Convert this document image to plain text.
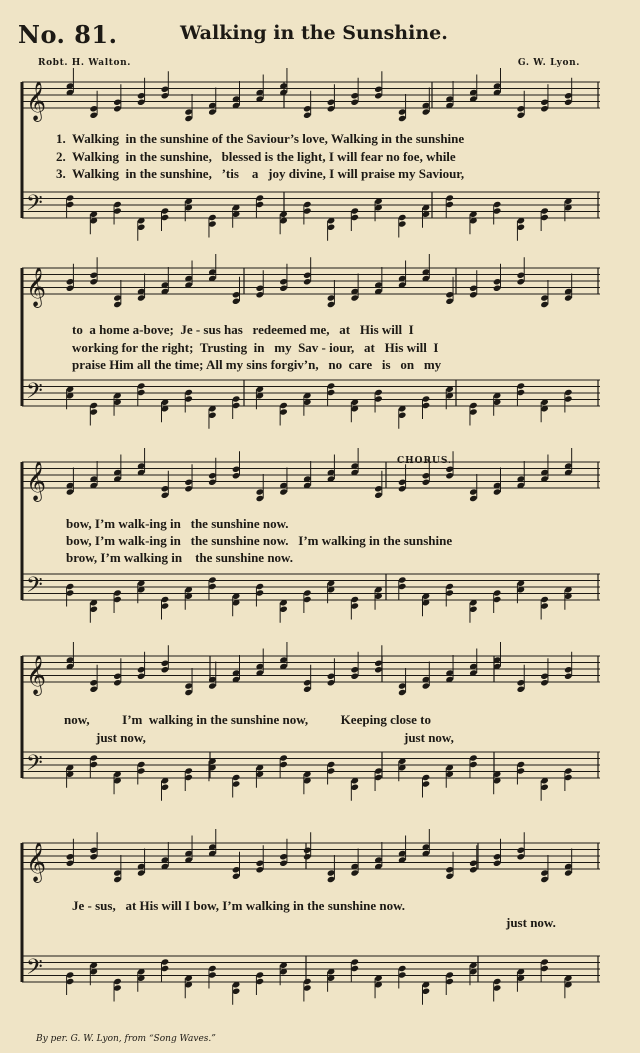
No. 81.	Walking in the Sunshine.
Robt. H. Walton.	G. W. Lyon.
𝄞
𝄢
𝄞
𝄢
𝄞
𝄢
𝄞
𝄢
𝄞
𝄢
1.  Walking  in the sunshine of the Saviour’s love, Walking in the sunshine
2.  Walking  in the sunshine,   blessed is the light, I will fear no foe, while
3.  Walking  in the sunshine,   ’tis    a   joy divine, I will praise my Saviour,
to  a home a-bove;  Je - sus has   redeemed me,   at   His will  I
working for the right;  Trusting  in   my  Sav - iour,   at   His will  I
praise Him all the time; All my sins forgiv’n,   no  care   is   on   my
CHORUS.
bow, I’m walk-ing in   the sunshine now.
bow, I’m walk-ing in   the sunshine now.   I’m walking in the sunshine
brow, I’m walking in    the sunshine now.
now,          I’m  walking in the sunshine now,          Keeping close to
just now,	just now,
Je - sus,   at His will I bow, I’m walking in the sunshine now.
just now.
By per. G. W. Lyon, from “Song Waves.”
